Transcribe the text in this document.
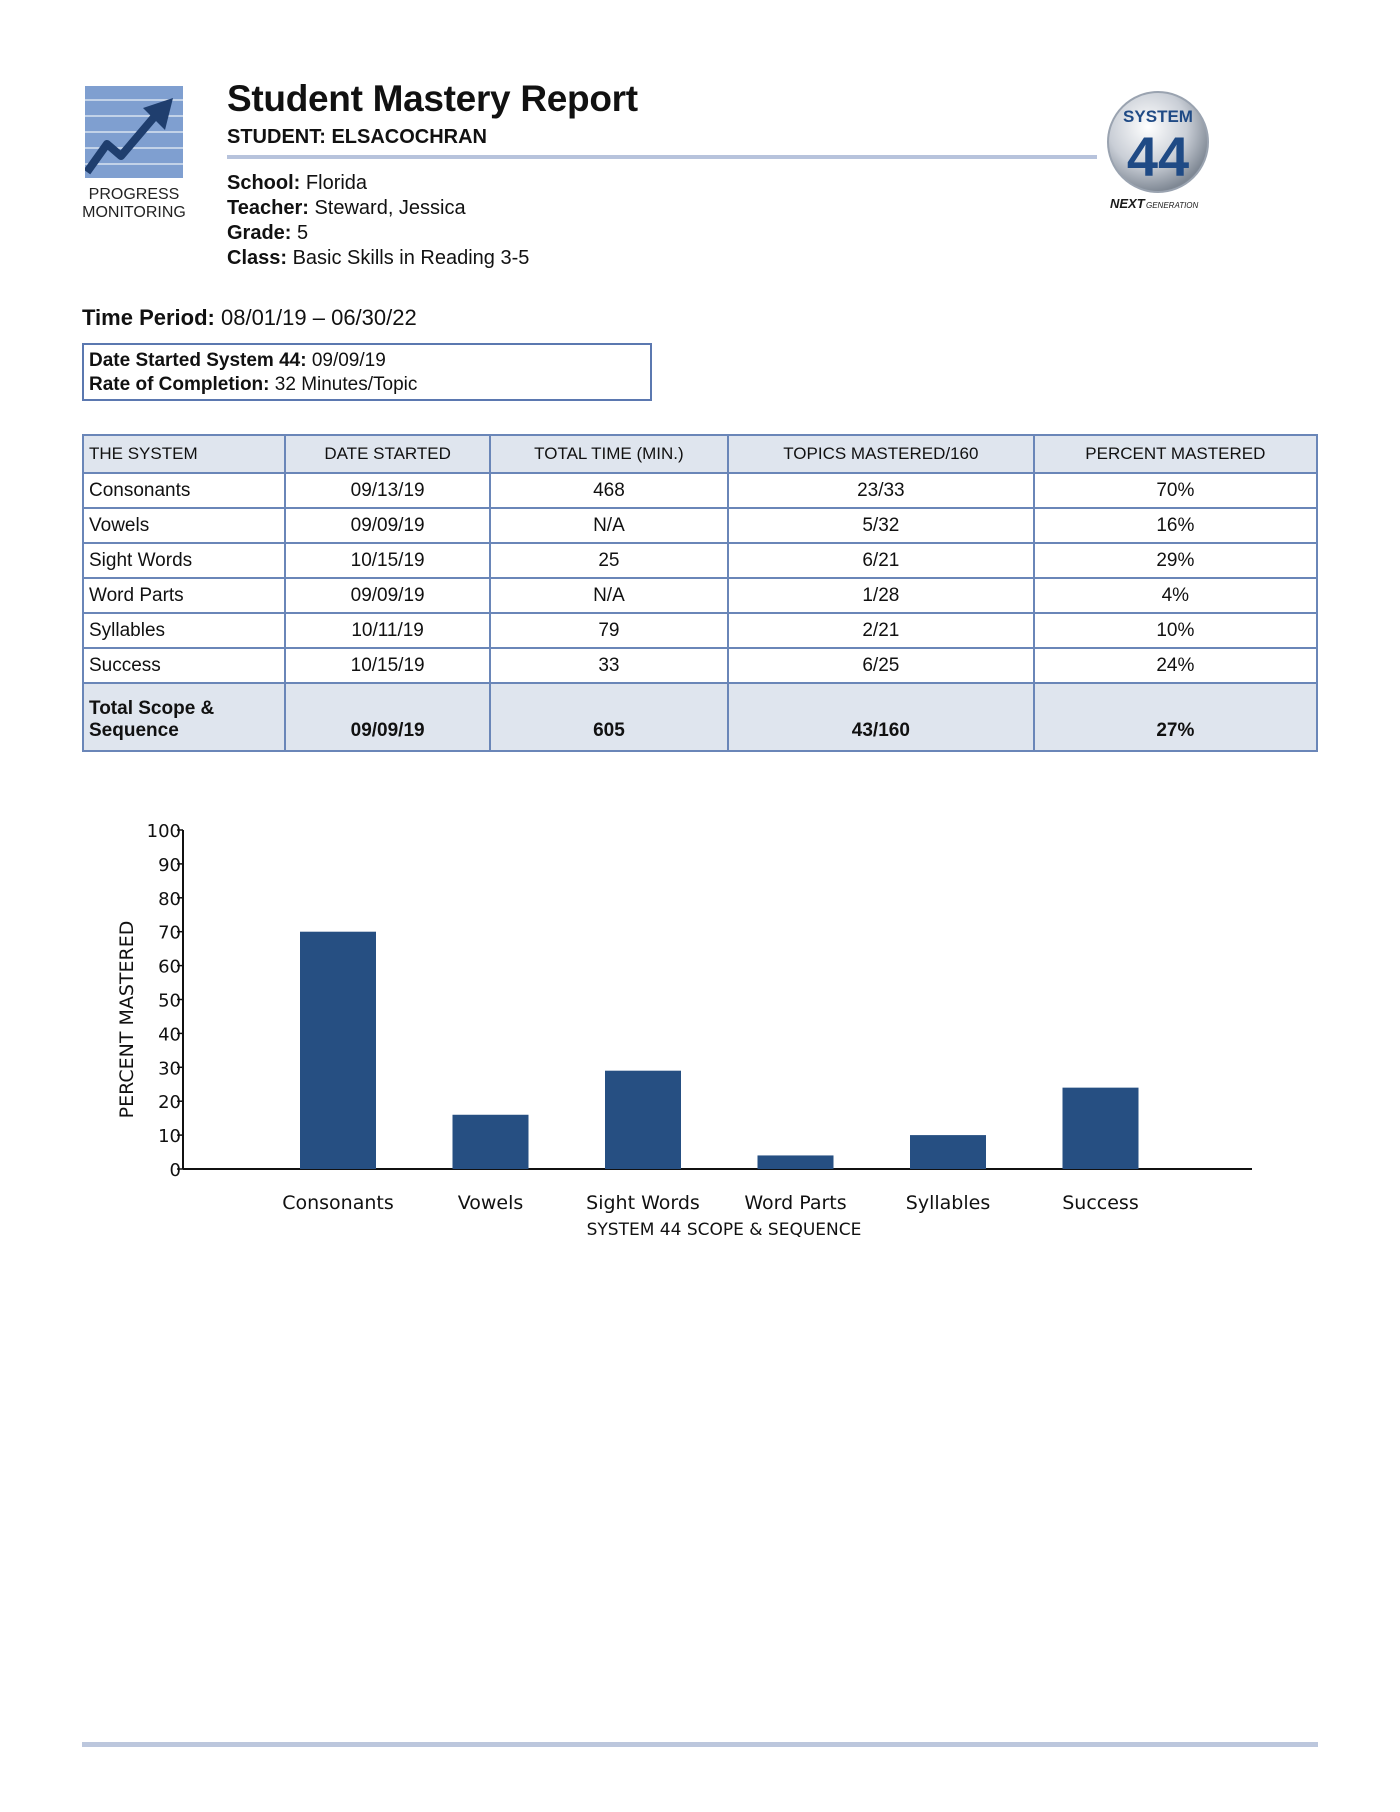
PROGRESS
MONITORING
Student Mastery Report
STUDENT: ELSACOCHRAN
School: Florida
Teacher: Steward, Jessica
Grade: 5
Class: Basic Skills in Reading 3-5
SYSTEM
44
NEXT GENERATION
Time Period: 08/01/19 – 06/30/22
Date Started System 44: 09/09/19
Rate of Completion: 32 Minutes/Topic
THE SYSTEM	DATE STARTED	TOTAL TIME (MIN.)	TOPICS MASTERED/160	PERCENT MASTERED
Consonants	09/13/19	468	23/33	70%
Vowels	09/09/19	N/A	5/32	16%
Sight Words	10/15/19	25	6/21	29%
Word Parts	09/09/19	N/A	1/28	4%
Syllables	10/11/19	79	2/21	10%
Success	10/15/19	33	6/25	24%

Total Scope &
Sequence	09/09/19	605	43/160	27%
0
10
20
30
40
50
60
70
80
90
100
Consonants	Vowels	Sight Words Word Parts	Syllables	Success
SYSTEM 44 SCOPE & SEQUENCE
PERCENT MASTERED
